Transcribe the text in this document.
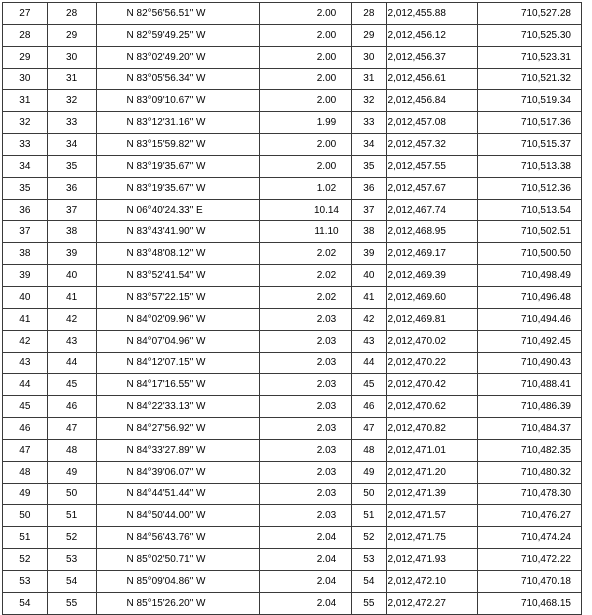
27	28	N 82°56'56.51" W	2.00	28	2,012,455.88	710,527.28
28	29	N 82°59'49.25" W	2.00	29	2,012,456.12	710,525.30
29	30	N 83°02'49.20" W	2.00	30	2,012,456.37	710,523.31
30	31	N 83°05'56.34" W	2.00	31	2,012,456.61	710,521.32
31	32	N 83°09'10.67" W	2.00	32	2,012,456.84	710,519.34
32	33	N 83°12'31.16" W	1.99	33	2,012,457.08	710,517.36
33	34	N 83°15'59.82" W	2.00	34	2,012,457.32	710,515.37
34	35	N 83°19'35.67" W	2.00	35	2,012,457.55	710,513.38
35	36	N 83°19'35.67" W	1.02	36	2,012,457.67	710,512.36
36	37	N 06°40'24.33" E	10.14	37	2,012,467.74	710,513.54
37	38	N 83°43'41.90" W	11.10	38	2,012,468.95	710,502.51
38	39	N 83°48'08.12" W	2.02	39	2,012,469.17	710,500.50
39	40	N 83°52'41.54" W	2.02	40	2,012,469.39	710,498.49
40	41	N 83°57'22.15" W	2.02	41	2,012,469.60	710,496.48
41	42	N 84°02'09.96" W	2.03	42	2,012,469.81	710,494.46
42	43	N 84°07'04.96" W	2.03	43	2,012,470.02	710,492.45
43	44	N 84°12'07.15" W	2.03	44	2,012,470.22	710,490.43
44	45	N 84°17'16.55" W	2.03	45	2,012,470.42	710,488.41
45	46	N 84°22'33.13" W	2.03	46	2,012,470.62	710,486.39
46	47	N 84°27'56.92" W	2.03	47	2,012,470.82	710,484.37
47	48	N 84°33'27.89" W	2.03	48	2,012,471.01	710,482.35
48	49	N 84°39'06.07" W	2.03	49	2,012,471.20	710,480.32
49	50	N 84°44'51.44" W	2.03	50	2,012,471.39	710,478.30
50	51	N 84°50'44.00" W	2.03	51	2,012,471.57	710,476.27
51	52	N 84°56'43.76" W	2.04	52	2,012,471.75	710,474.24
52	53	N 85°02'50.71" W	2.04	53	2,012,471.93	710,472.22
53	54	N 85°09'04.86" W	2.04	54	2,012,472.10	710,470.18
54	55	N 85°15'26.20" W	2.04	55	2,012,472.27	710,468.15
